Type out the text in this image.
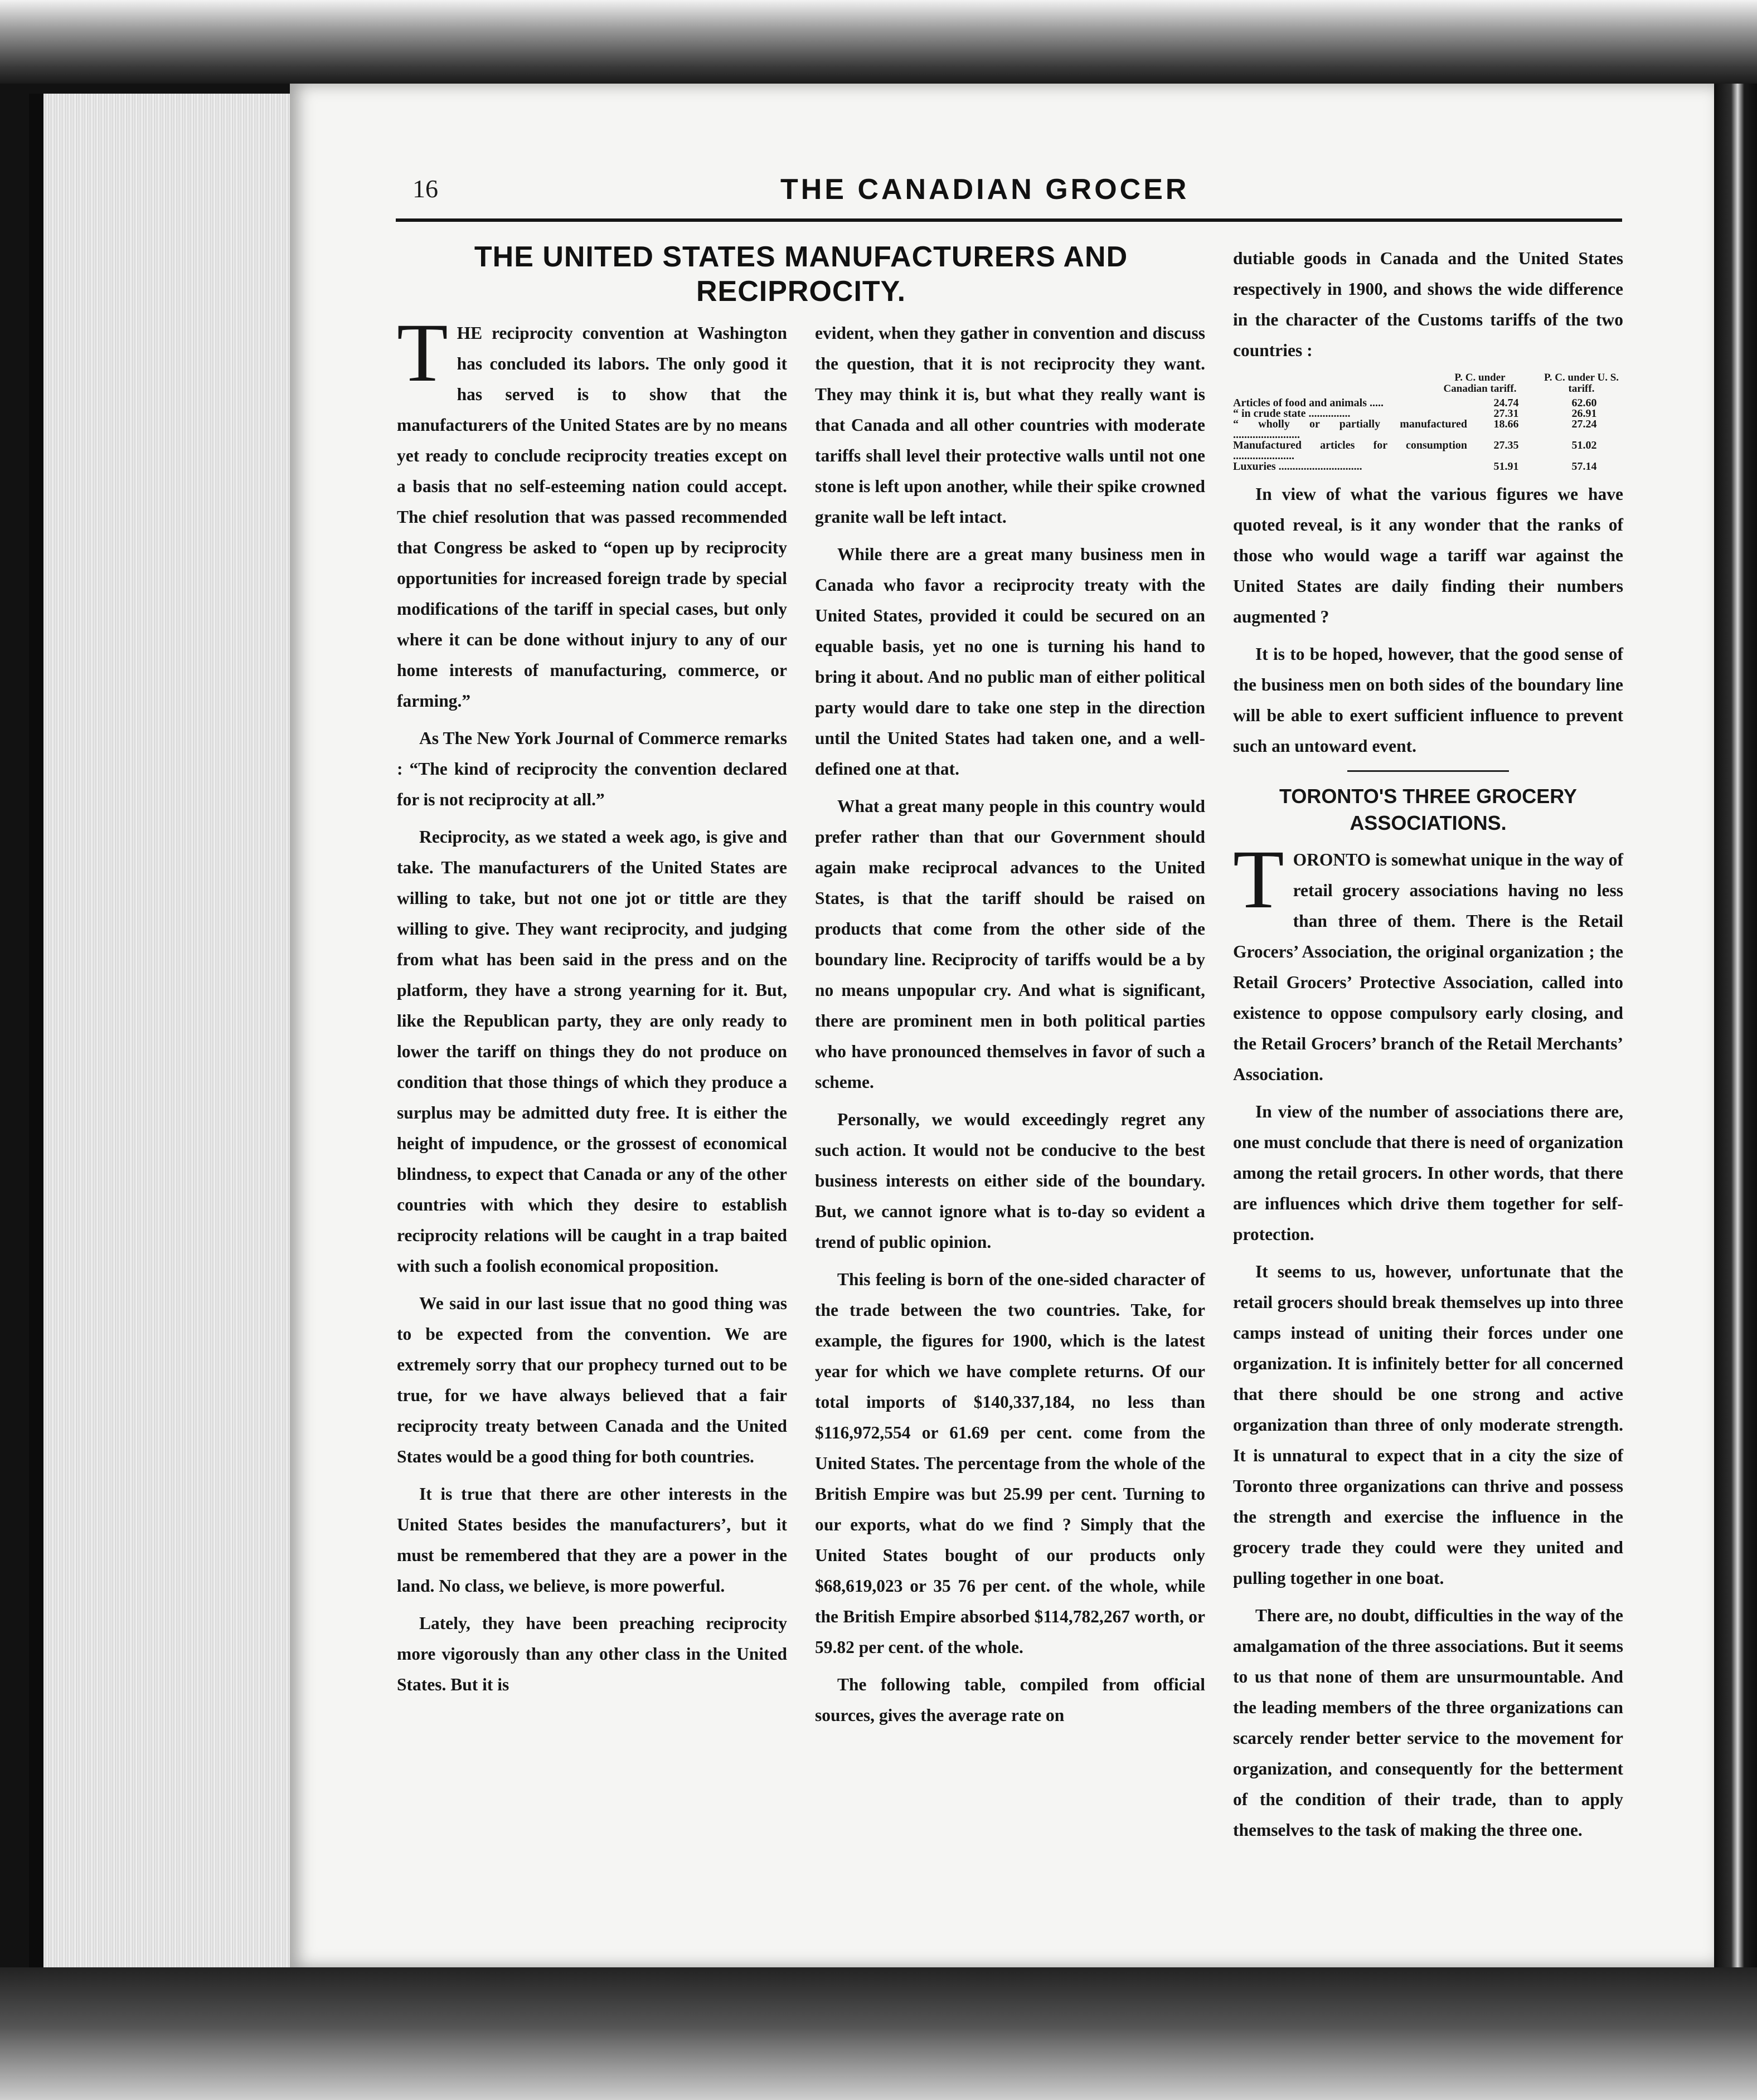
16	THE CANADIAN GROCER
THE UNITED STATES MANUFACTURERS AND RECIPROCITY.

THE reciprocity convention at Washington has concluded its labors. The only good it has served is to show that the manufacturers of the United States are by no means yet ready to conclude reciprocity treaties except on a basis that no self-esteeming nation could accept. The chief resolution that was passed recommended that Congress be asked to “open up by reciprocity opportunities for increased foreign trade by special modifications of the tariff in special cases, but only where it can be done without injury to any of our home interests of manufacturing, commerce, or farming.”

As The New York Journal of Commerce remarks : “The kind of reciprocity the convention declared for is not reciprocity at all.”

Reciprocity, as we stated a week ago, is give and take. The manufacturers of the United States are willing to take, but not one jot or tittle are they willing to give. They want reciprocity, and judging from what has been said in the press and on the platform, they have a strong yearning for it. But, like the Republican party, they are only ready to lower the tariff on things they do not produce on condition that those things of which they produce a surplus may be admitted duty free. It is either the height of impudence, or the grossest of economical blindness, to expect that Canada or any of the other countries with which they desire to establish reciprocity relations will be caught in a trap baited with such a foolish economical proposition.

We said in our last issue that no good thing was to be expected from the convention. We are extremely sorry that our prophecy turned out to be true, for we have always believed that a fair reciprocity treaty between Canada and the United States would be a good thing for both countries.

It is true that there are other interests in the United States besides the manufacturers’, but it must be remembered that they are a power in the land. No class, we believe, is more powerful.

Lately, they have been preaching reciprocity more vigorously than any other class in the United States. But it is

evident, when they gather in convention and discuss the question, that it is not reciprocity they want. They may think it is, but what they really want is that Canada and all other countries with moderate tariffs shall level their protective walls until not one stone is left upon another, while their spike crowned granite wall be left intact.

While there are a great many business men in Canada who favor a reciprocity treaty with the United States, provided it could be secured on an equable basis, yet no one is turning his hand to bring it about. And no public man of either political party would dare to take one step in the direction until the United States had taken one, and a well-defined one at that.

What a great many people in this country would prefer rather than that our Government should again make reciprocal advances to the United States, is that the tariff should be raised on products that come from the other side of the boundary line. Reciprocity of tariffs would be a by no means unpopular cry. And what is significant, there are prominent men in both political parties who have pronounced themselves in favor of such a scheme.

Personally, we would exceedingly regret any such action. It would not be conducive to the best business interests on either side of the boundary. But, we cannot ignore what is to-day so evident a trend of public opinion.

This feeling is born of the one-sided character of the trade between the two countries. Take, for example, the figures for 1900, which is the latest year for which we have complete returns. Of our total imports of $140,337,184, no less than $116,972,554 or 61.69 per cent. come from the United States. The percentage from the whole of the British Empire was but 25.99 per cent. Turning to our exports, what do we find ? Simply that the United States bought of our products only $68,619,023 or 35 76 per cent. of the whole, while the British Empire absorbed $114,782,267 worth, or 59.82 per cent. of the whole.

The following table, compiled from official sources, gives the average rate on

dutiable goods in Canada and the United States respectively in 1900, and shows the wide difference in the character of the Customs tariffs of the two countries :

P. C. under Canadian tariff.
P. C. under U. S. tariff.
Articles of food and animals .....	24.74	62.60
“ in crude state ...............	27.31	26.91
“ wholly or partially manufactured ........................	18.66	27.24
Manufactured articles for consumption ......................	27.35	51.02
Luxuries ..............................	51.91	57.14

In view of what the various figures we have quoted reveal, is it any wonder that the ranks of those who would wage a tariff war against the United States are daily finding their numbers augmented ?

It is to be hoped, however, that the good sense of the business men on both sides of the boundary line will be able to exert sufficient influence to prevent such an untoward event.

TORONTO'S THREE GROCERY ASSOCIATIONS.

TORONTO is somewhat unique in the way of retail grocery associations having no less than three of them. There is the Retail Grocers’ Association, the original organization ; the Retail Grocers’ Protective Association, called into existence to oppose compulsory early closing, and the Retail Grocers’ branch of the Retail Merchants’ Association.

In view of the number of associations there are, one must conclude that there is need of organization among the retail grocers. In other words, that there are influences which drive them together for self-protection.

It seems to us, however, unfortunate that the retail grocers should break themselves up into three camps instead of uniting their forces under one organization. It is infinitely better for all concerned that there should be one strong and active organization than three of only moderate strength. It is unnatural to expect that in a city the size of Toronto three organizations can thrive and possess the strength and exercise the influence in the grocery trade they could were they united and pulling together in one boat.

There are, no doubt, difficulties in the way of the amalgamation of the three associations. But it seems to us that none of them are unsurmountable. And the leading members of the three organizations can scarcely render better service to the movement for organization, and consequently for the betterment of the condition of their trade, than to apply themselves to the task of making the three one.
